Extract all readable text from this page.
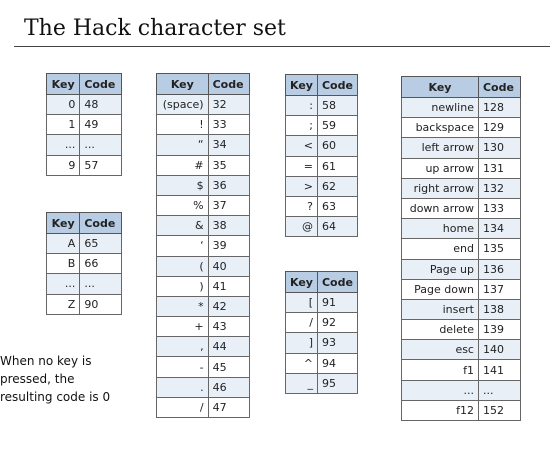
The Hack character set
Key	Code
0	48
1	49
...	...
9	57
Key	Code
A	65
B	66
...	...
Z	90
Key	Code
(space)	32
!	33
“	34
#	35
$	36
%	37
&	38
‘	39
(	40
)	41
*	42
+	43
,	44
-	45
.	46
/	47
Key	Code
:	58
;	59
<	60
=	61
>	62
?	63
@	64
Key	Code
[	91
/	92
]	93
^	94
_	95
Key	Code
newline	128
backspace	129
left arrow	130
up arrow	131
right arrow	132
down arrow	133
home	134
end	135
Page up	136
Page down	137
insert	138
delete	139
esc	140
f1	141
...	...
f12	152
When no key is pressed, the resulting code is 0
